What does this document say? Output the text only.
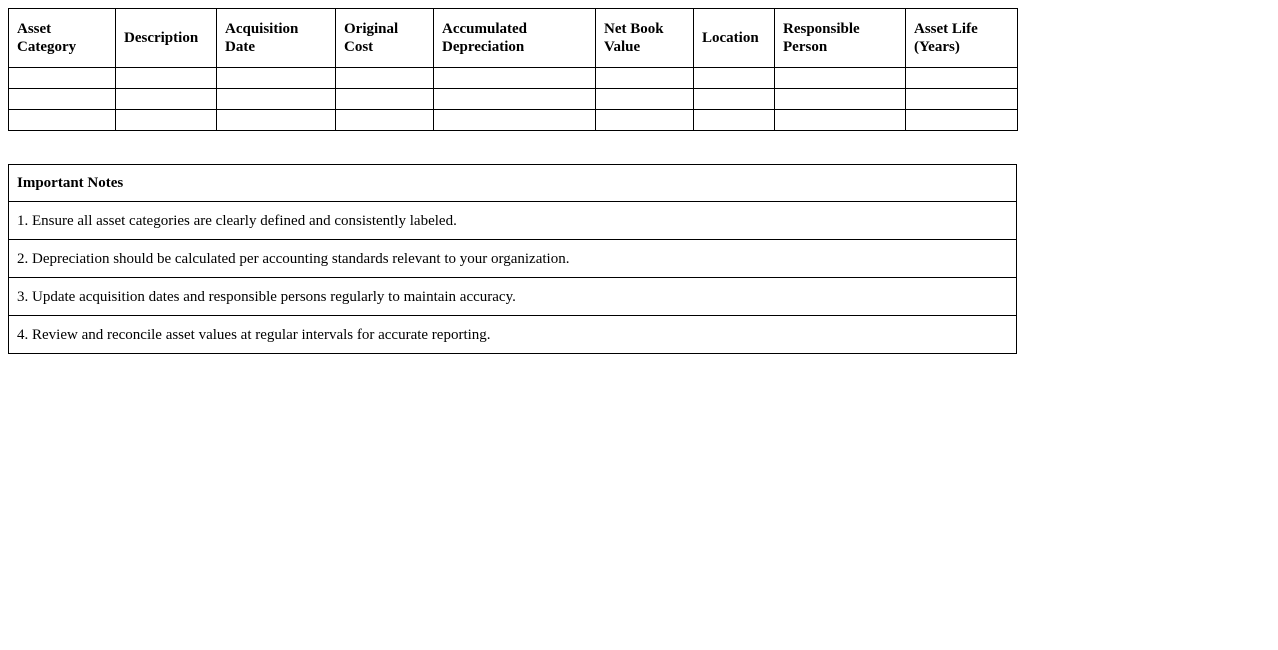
Asset Category	Description	Acquisition Date	Original Cost	Accumulated Depreciation	Net Book Value	Location	Responsible Person	Asset Life (Years)

Important Notes
1. Ensure all asset categories are clearly defined and consistently labeled.
2. Depreciation should be calculated per accounting standards relevant to your organization.
3. Update acquisition dates and responsible persons regularly to maintain accuracy.
4. Review and reconcile asset values at regular intervals for accurate reporting.
